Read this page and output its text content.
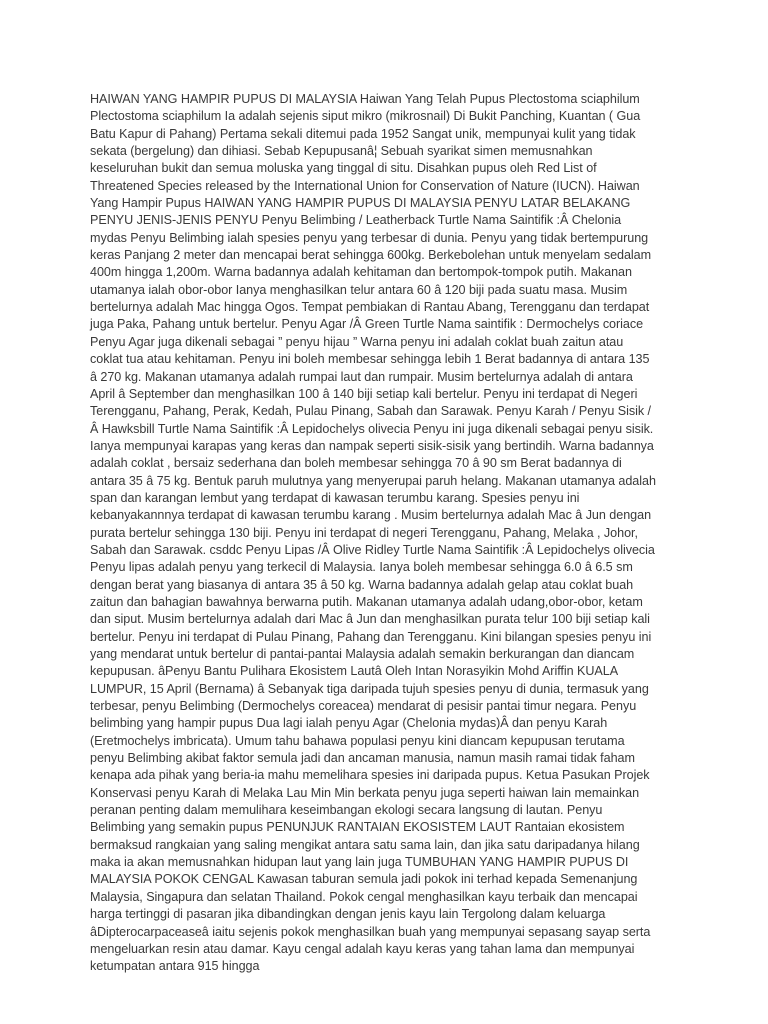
HAIWAN YANG HAMPIR PUPUS DI MALAYSIA Haiwan Yang Telah Pupus Plectostoma sciaphilum Plectostoma sciaphilum Ia adalah sejenis siput mikro (mikrosnail) Di Bukit Panching, Kuantan ( Gua Batu Kapur di Pahang) Pertama sekali ditemui pada 1952 Sangat unik, mempunyai kulit yang tidak sekata (bergelung) dan dihiasi. Sebab Kepupusanâ¦ Sebuah syarikat simen memusnahkan keseluruhan bukit dan semua moluska yang tinggal di situ. Disahkan pupus oleh Red List of Threatened Species released by the International Union for Conservation of Nature (IUCN). Haiwan Yang Hampir Pupus HAIWAN YANG HAMPIR PUPUS DI MALAYSIA PENYU LATAR BELAKANG PENYU JENIS-JENIS PENYU Penyu Belimbing / Leatherback Turtle Nama Saintifik :Â Chelonia mydas Penyu Belimbing ialah spesies penyu yang terbesar di dunia. Penyu yang tidak bertempurung keras Panjang 2 meter dan mencapai berat sehingga 600kg. Berkebolehan untuk menyelam sedalam 400m hingga 1,200m. Warna badannya adalah kehitaman dan bertompok-tompok putih. Makanan utamanya ialah obor-obor Ianya menghasilkan telur antara 60 â 120 biji pada suatu masa. Musim bertelurnya adalah Mac hingga Ogos. Tempat pembiakan di Rantau Abang, Terengganu dan terdapat juga Paka, Pahang untuk bertelur. Penyu Agar /Â Green Turtle Nama saintifik : Dermochelys coriace Penyu Agar juga dikenali sebagai ” penyu hijau ” Warna penyu ini adalah coklat buah zaitun atau coklat tua atau kehitaman. Penyu ini boleh membesar sehingga lebih 1 Berat badannya di antara 135 â 270 kg. Makanan utamanya adalah rumpai laut dan rumpair. Musim bertelurnya adalah di antara April â September dan menghasilkan 100 â 140 biji setiap kali bertelur. Penyu ini terdapat di Negeri Terengganu, Pahang, Perak, Kedah, Pulau Pinang, Sabah dan Sarawak. Penyu Karah / Penyu Sisik /Â Hawksbill Turtle Nama Saintifik :Â Lepidochelys olivecia Penyu ini juga dikenali sebagai penyu sisik. Ianya mempunyai karapas yang keras dan nampak seperti sisik-sisik yang bertindih. Warna badannya adalah coklat , bersaiz sederhana dan boleh membesar sehingga 70 â 90 sm Berat badannya di antara 35 â 75 kg. Bentuk paruh mulutnya yang menyerupai paruh helang. Makanan utamanya adalah span dan karangan lembut yang terdapat di kawasan terumbu karang. Spesies penyu ini kebanyakannnya terdapat di kawasan terumbu karang . Musim bertelurnya adalah Mac â Jun dengan purata bertelur sehingga 130 biji. Penyu ini terdapat di negeri Terengganu, Pahang, Melaka , Johor, Sabah dan Sarawak. csddc Penyu Lipas /Â Olive Ridley Turtle Nama Saintifik :Â Lepidochelys olivecia Penyu lipas adalah penyu yang terkecil di Malaysia. Ianya boleh membesar sehingga 6.0 â 6.5 sm dengan berat yang biasanya di antara 35 â 50 kg. Warna badannya adalah gelap atau coklat buah zaitun dan bahagian bawahnya berwarna putih. Makanan utamanya adalah udang,obor-obor, ketam dan siput. Musim bertelurnya adalah dari Mac â Jun dan menghasilkan purata telur 100 biji setiap kali bertelur. Penyu ini terdapat di Pulau Pinang, Pahang dan Terengganu. Kini bilangan spesies penyu ini yang mendarat untuk bertelur di pantai-pantai Malaysia adalah semakin berkurangan dan diancam kepupusan. âPenyu Bantu Pulihara Ekosistem Lautâ Oleh Intan Norasyikin Mohd Ariffin KUALA LUMPUR, 15 April (Bernama) â Sebanyak tiga daripada tujuh spesies penyu di dunia, termasuk yang terbesar, penyu Belimbing (Dermochelys coreacea) mendarat di pesisir pantai timur negara. Penyu belimbing yang hampir pupus Dua lagi ialah penyu Agar (Chelonia mydas)Â dan penyu Karah (Eretmochelys imbricata). Umum tahu bahawa populasi penyu kini diancam kepupusan terutama penyu Belimbing akibat faktor semula jadi dan ancaman manusia, namun masih ramai tidak faham kenapa ada pihak yang beria-ia mahu memelihara spesies ini daripada pupus. Ketua Pasukan Projek Konservasi penyu Karah di Melaka Lau Min Min berkata penyu juga seperti haiwan lain memainkan peranan penting dalam memulihara keseimbangan ekologi secara langsung di lautan. Penyu Belimbing yang semakin pupus PENUNJUK RANTAIAN EKOSISTEM LAUT Rantaian ekosistem bermaksud rangkaian yang saling mengikat antara satu sama lain, dan jika satu daripadanya hilang maka ia akan memusnahkan hidupan laut yang lain juga TUMBUHAN YANG HAMPIR PUPUS DI MALAYSIA POKOK CENGAL Kawasan taburan semula jadi pokok ini terhad kepada Semenanjung Malaysia, Singapura dan selatan Thailand. Pokok cengal menghasilkan kayu terbaik dan mencapai harga tertinggi di pasaran jika dibandingkan dengan jenis kayu lain Tergolong dalam keluarga âDipterocarpaceaseâ iaitu sejenis pokok menghasilkan buah yang mempunyai sepasang sayap serta mengeluarkan resin atau damar. Kayu cengal adalah kayu keras yang tahan lama dan mempunyai ketumpatan antara 915 hingga
